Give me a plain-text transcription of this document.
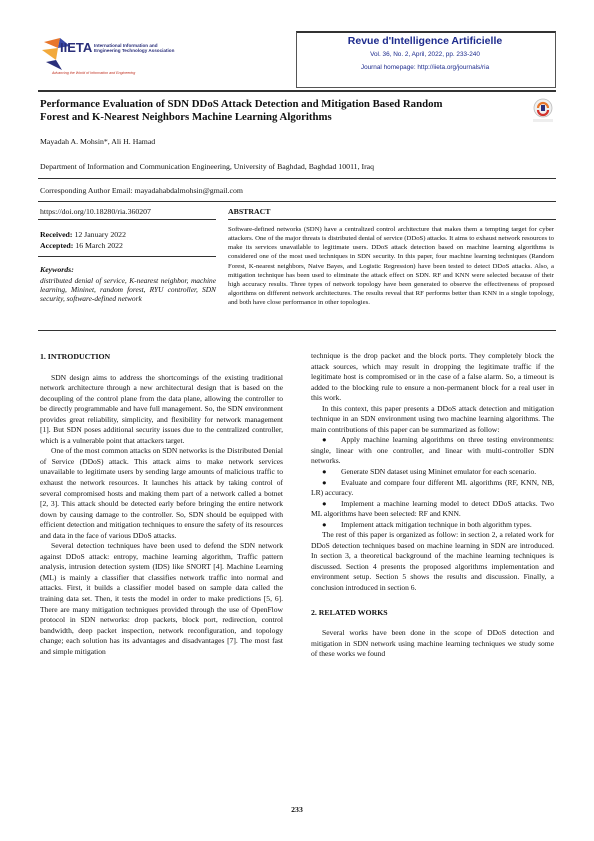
IIETA International Information and
Engineering Technology Association
Advancing the World of Information and Engineering
Revue d'Intelligence Artificielle
Vol. 36, No. 2, April, 2022, pp. 233-240
Journal homepage: http://iieta.org/journals/ria
Performance Evaluation of SDN DDoS Attack Detection and Mitigation Based Random
Forest and K-Nearest Neighbors Machine Learning Algorithms
Mayadah A. Mohsin*, Ali H. Hamad
Department of Information and Communication Engineering, University of Baghdad, Baghdad 10011, Iraq
Corresponding Author Email: mayadahabdalmohsin@gmail.com
https://doi.org/10.18280/ria.360207
Received: 12 January 2022
Accepted: 16 March 2022
Keywords:
distributed denial of service, K-nearest neighbor, machine learning, Mininet, random forest, RYU controller, SDN security, software-defined network
ABSTRACT
Software-defined networks (SDN) have a centralized control architecture that makes them a tempting target for cyber attackers. One of the major threats is distributed denial of service (DDoS) attacks. It aims to exhaust network resources to make its services unavailable to legitimate users. DDoS attack detection based on machine learning algorithms is considered one of the most used techniques in SDN security. In this paper, four machine learning techniques (Random Forest, K-nearest neighbors, Naive Bayes, and Logistic Regression) have been tested to detect DDoS attacks. Also, a mitigation technique has been used to eliminate the attack effect on SDN. RF and KNN were selected because of their high accuracy results. Three types of network topology have been generated to observe the effectiveness of proposed algorithms on different network architectures. The results reveal that RF performs better than KNN in a single topology, and both have close performance in other topologies.
1. INTRODUCTION

SDN design aims to address the shortcomings of the existing traditional network architecture through a new architectural design that is based on the decoupling of the control plane from the data plane, allowing the controller to be directly programmable and have full management. So, the SDN environment provides great reliability, simplicity, and flexibility for network management [1]. But SDN poses additional security issues due to the centralized controller, which is a vulnerable point that attackers target.

One of the most common attacks on SDN networks is the Distributed Denial of Service (DDoS) attack. This attack aims to make network services unavailable to legitimate users by sending large amounts of malicious traffic to exhaust the network resources. It launches his attack by taking control of several compromised hosts and making them part of a network called a botnet [2, 3]. This attack should be detected early before bringing the entire network down by causing damage to the controller. So, SDN should be equipped with efficient detection and mitigation techniques to ensure the safety of its resources and data in the face of various DDoS attacks.

Several detection techniques have been used to defend the SDN network against DDoS attack: entropy, machine learning algorithm, Traffic pattern analysis, intrusion detection system (IDS) like SNORT [4]. Machine Learning (ML) is mainly a classifier that classifies network traffic into normal and attacks. First, it builds a classifier model based on sample data called the training data set. Then, it tests the model in order to make predictions [5, 6]. There are many mitigation techniques provided through the use of OpenFlow protocol in SDN networks: drop packets, block port, redirection, control bandwidth, deep packet inspection, network reconfiguration, and topology change; each solution has its advantages and disadvantages [7]. The most fast and simple mitigation

technique is the drop packet and the block ports. They completely block the attack sources, which may result in dropping the legitimate traffic if the legitimate host is compromised or in the case of a false alarm. So, a timeout is added to the blocking rule to ensure a non-permanent block for a real user in this work.

In this context, this paper presents a DDoS attack detection and mitigation technique in an SDN environment using two machine learning algorithms. The main contributions of this paper can be summarized as follow:

● Apply machine learning algorithms on three testing environments: single, linear with one controller, and linear with multi-controller SDN networks.

● Generate SDN dataset using Mininet emulator for each scenario.

● Evaluate and compare four different ML algorithms (RF, KNN, NB, LR) accuracy.

● Implement a machine learning model to detect DDoS attacks. Two ML algorithms have been selected: RF and KNN.

● Implement attack mitigation technique in both algorithm types.

The rest of this paper is organized as follow: in section 2, a related work for DDoS detection techniques based on machine learning in SDN are introduced. In section 3, a theoretical background of the machine learning techniques is discussed. Section 4 presents the proposed algorithms implementation and environment setup. Section 5 shows the results and discussion. Finally, a conclusion introduced in section 6.

2. RELATED WORKS

Several works have been done in the scope of DDoS detection and mitigation in SDN network using machine learning techniques we study some of these works we found

233
